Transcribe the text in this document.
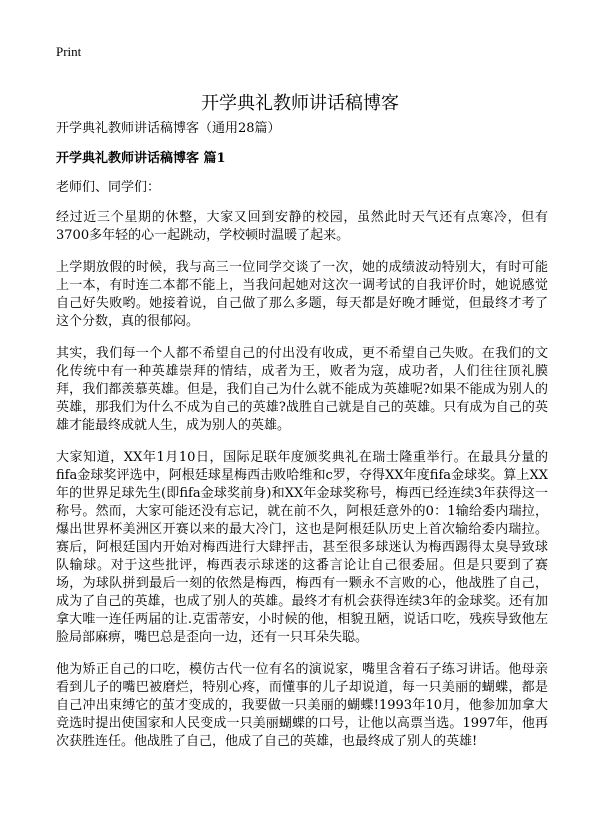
Print
开学典礼教师讲话稿博客

开学典礼教师讲话稿博客（通用28篇）

开学典礼教师讲话稿博客 篇1

老师们、同学们：

经过近三个星期的休整，大家又回到安静的校园，虽然此时天气还有点寒冷，但有3700多年轻的心一起跳动，学校顿时温暖了起来。

上学期放假的时候，我与高三一位同学交谈了一次，她的成绩波动特别大，有时可能上一本，有时连二本都不能上，当我问起她对这次一调考试的自我评价时，她说感觉自己好失败哟。她接着说，自己做了那么多题，每天都是好晚才睡觉，但最终才考了这个分数，真的很郁闷。

其实，我们每一个人都不希望自己的付出没有收成，更不希望自己失败。在我们的文化传统中有一种英雄崇拜的情结，成者为王，败者为寇，成功者，人们往往顶礼膜拜，我们都羡慕英雄。但是，我们自己为什么就不能成为英雄呢?如果不能成为别人的英雄，那我们为什么不成为自己的英雄?战胜自己就是自己的英雄。只有成为自己的英雄才能最终成就人生，成为别人的英雄。

大家知道，XX年1月10日，国际足联年度颁奖典礼在瑞士隆重举行。在最具分量的fifa金球奖评选中，阿根廷球星梅西击败哈维和c罗，夺得XX年度fifa金球奖。算上XX年的世界足球先生(即fifa金球奖前身)和XX年金球奖称号，梅西已经连续3年获得这一称号。然而，大家可能还没有忘记，就在前不久，阿根廷意外的0：1输给委内瑞拉，爆出世界杯美洲区开赛以来的最大冷门，这也是阿根廷队历史上首次输给委内瑞拉。赛后，阿根廷国内开始对梅西进行大肆抨击，甚至很多球迷认为梅西踢得太臭导致球队输球。对于这些批评，梅西表示球迷的这番言论让自己很委屈。但是只要到了赛场，为球队拼到最后一刻的依然是梅西，梅西有一颗永不言败的心，他战胜了自己，成为了自己的英雄，也成了别人的英雄。最终才有机会获得连续3年的金球奖。还有加拿大唯一连任两届的让.克雷蒂安，小时候的他，相貌丑陋，说话口吃，残疾导致他左脸局部麻痹，嘴巴总是歪向一边，还有一只耳朵失聪。

他为矫正自己的口吃，模仿古代一位有名的演说家，嘴里含着石子练习讲话。他母亲看到儿子的嘴巴被磨烂，特别心疼，而懂事的儿子却说道，每一只美丽的蝴蝶，都是自己冲出束缚它的茧才变成的，我要做一只美丽的蝴蝶!1993年10月，他参加加拿大竞选时提出使国家和人民变成一只美丽蝴蝶的口号，让他以高票当选。1997年，他再次获胜连任。他战胜了自己，他成了自己的英雄，也最终成了别人的英雄!
